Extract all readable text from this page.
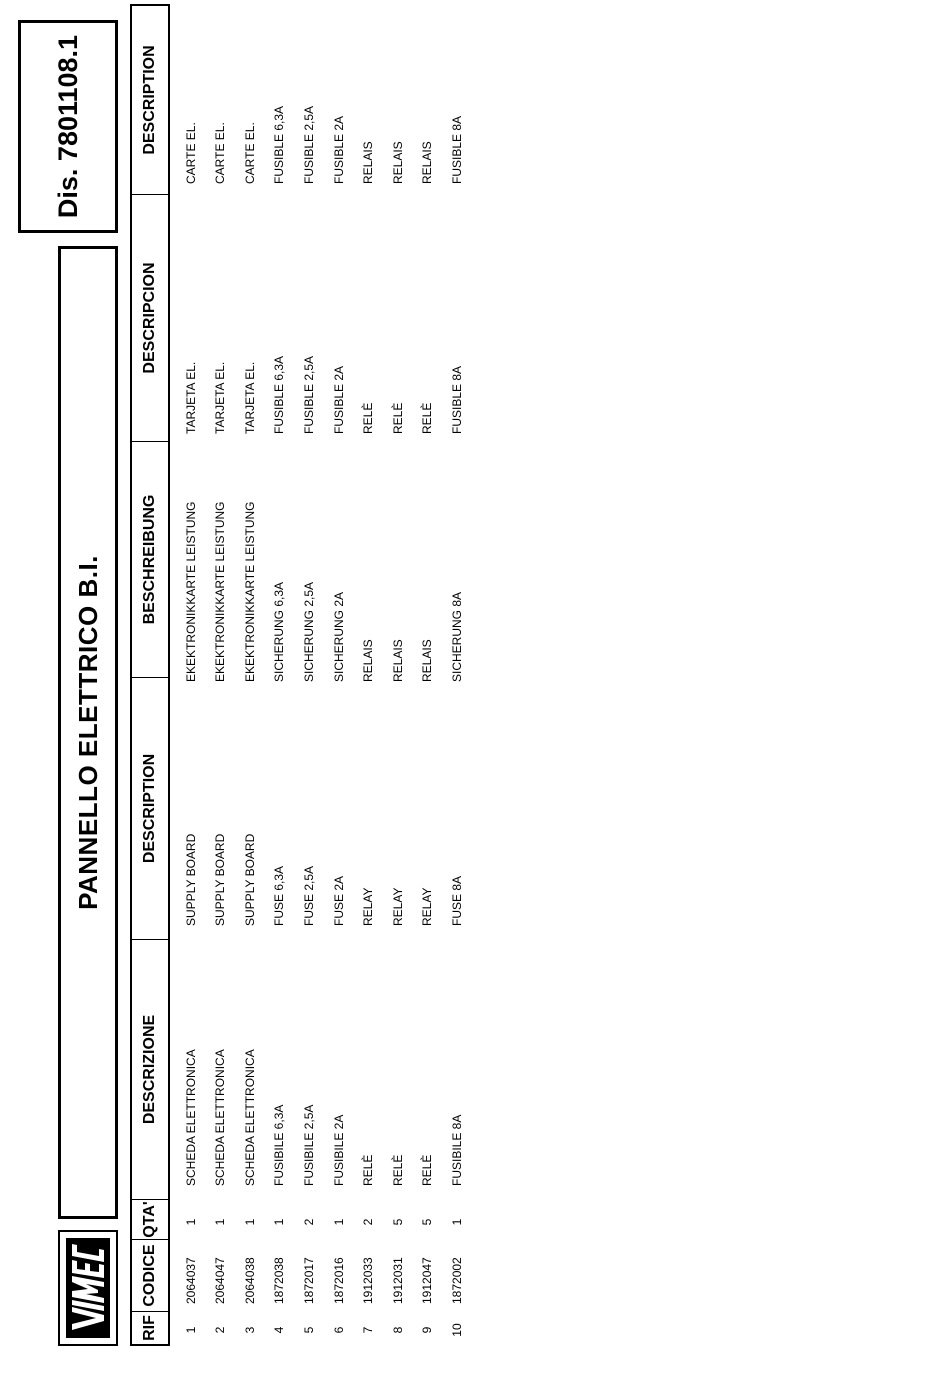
PANNELLO ELETTRICO B.I.
Dis. 7801108.1
RIF
CODICE
QTA'
DESCRIZIONE
DESCRIPTION
BESCHREIBUNG
DESCRIPCION
DESCRIPTION
1
2064037
1
SCHEDA ELETTRONICA
SUPPLY BOARD
EKEKTRONIKKARTE LEISTUNG
TARJETA EL.
CARTE EL.
2
2064047
1
SCHEDA ELETTRONICA
SUPPLY BOARD
EKEKTRONIKKARTE LEISTUNG
TARJETA EL.
CARTE EL.
3
2064038
1
SCHEDA ELETTRONICA
SUPPLY BOARD
EKEKTRONIKKARTE LEISTUNG
TARJETA EL.
CARTE EL.
4
1872038
1
FUSIBILE 6,3A
FUSE 6,3A
SICHERUNG 6,3A
FUSIBLE 6,3A
FUSIBLE 6,3A
5
1872017
2
FUSIBILE 2,5A
FUSE 2,5A
SICHERUNG 2,5A
FUSIBLE 2,5A
FUSIBLE 2,5A
6
1872016
1
FUSIBILE 2A
FUSE 2A
SICHERUNG 2A
FUSIBLE 2A
FUSIBLE 2A
7
1912033
2
RELÈ
RELAY
RELAIS
RELÈ
RELAIS
8
1912031
5
RELÈ
RELAY
RELAIS
RELÈ
RELAIS
9
1912047
5
RELÈ
RELAY
RELAIS
RELÈ
RELAIS
10
1872002
1
FUSIBILE 8A
FUSE 8A
SICHERUNG 8A
FUSIBLE 8A
FUSIBLE 8A
